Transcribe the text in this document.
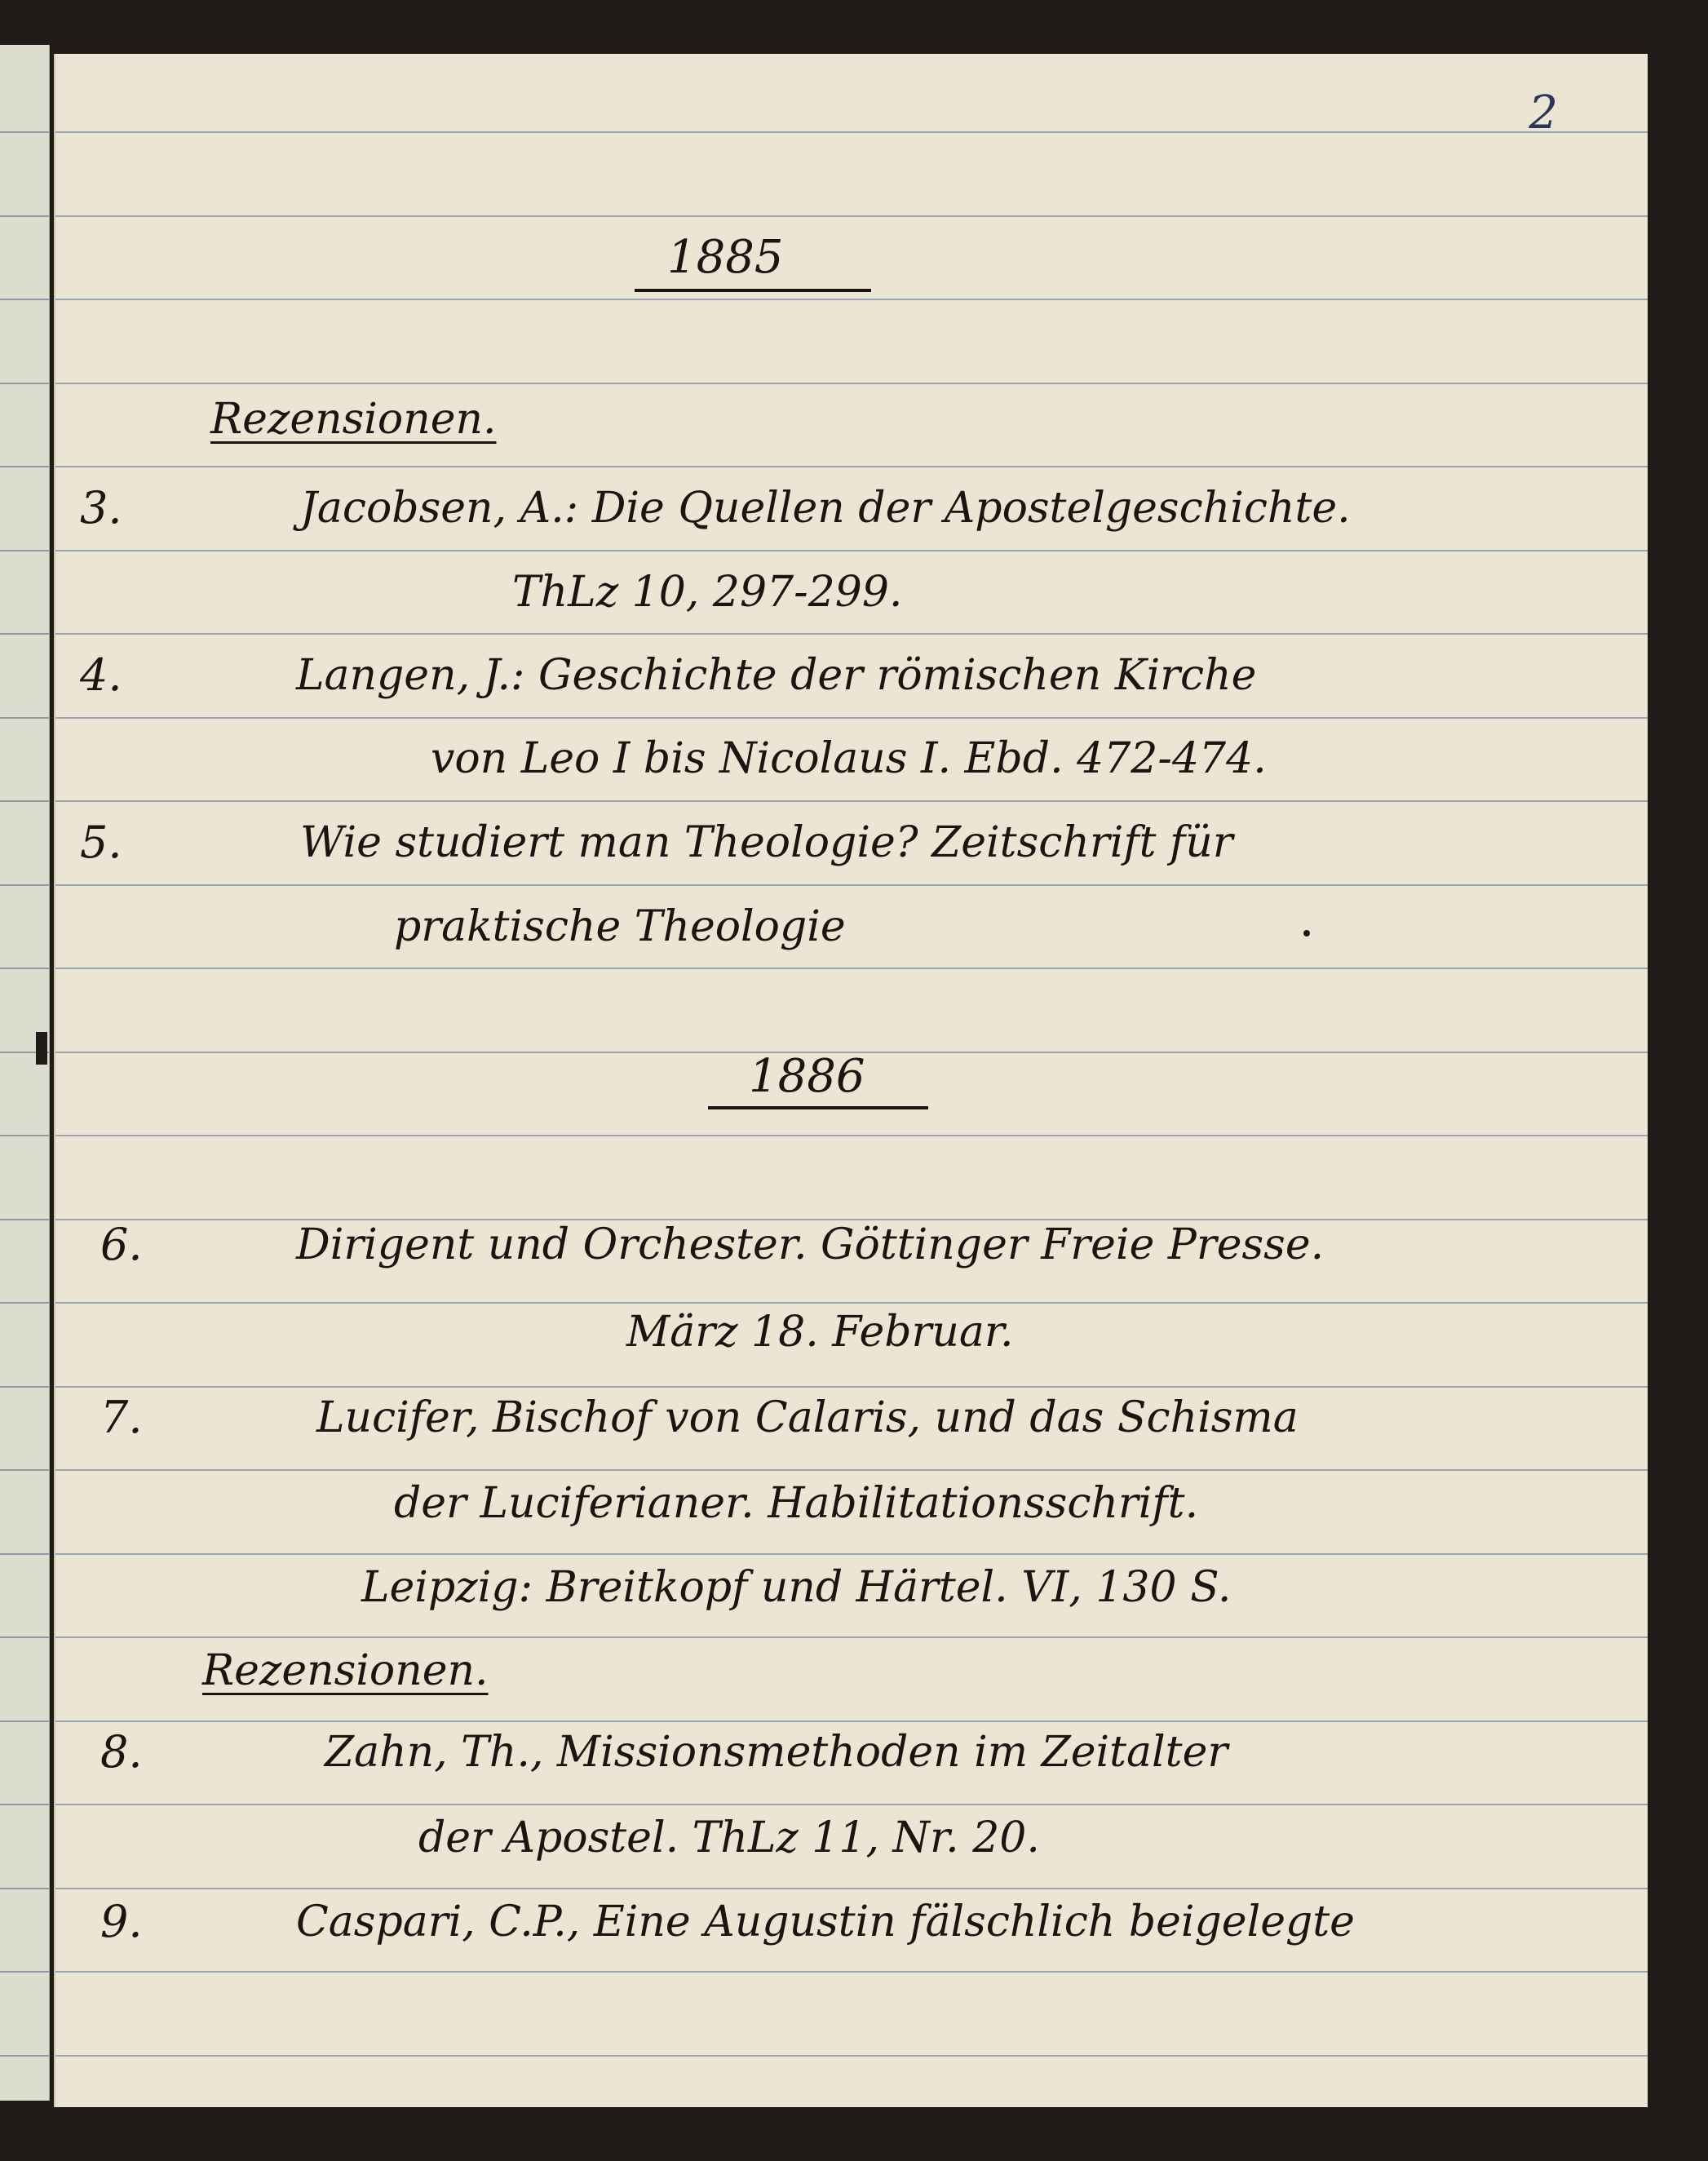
2
1885
Rezensionen.
3.	Jacobsen, A.: Die Quellen der Apostelgeschichte.
ThLz 10, 297-299.
4.	Langen, J.: Geschichte der römischen Kirche
von Leo I bis Nicolaus I. Ebd. 472-474.
5.	Wie studiert man Theologie? Zeitschrift für
praktische Theologie
1886
6.	Dirigent und Orchester. Göttinger Freie Presse.
März 18. Februar.
7.	Lucifer, Bischof von Calaris, und das Schisma
der Luciferianer. Habilitationsschrift.
Leipzig: Breitkopf und Härtel. VI, 130 S.
Rezensionen.
8.	Zahn, Th., Missionsmethoden im Zeitalter
der Apostel. ThLz 11, Nr. 20.
9.	Caspari, C.P., Eine Augustin fälschlich beigelegte
